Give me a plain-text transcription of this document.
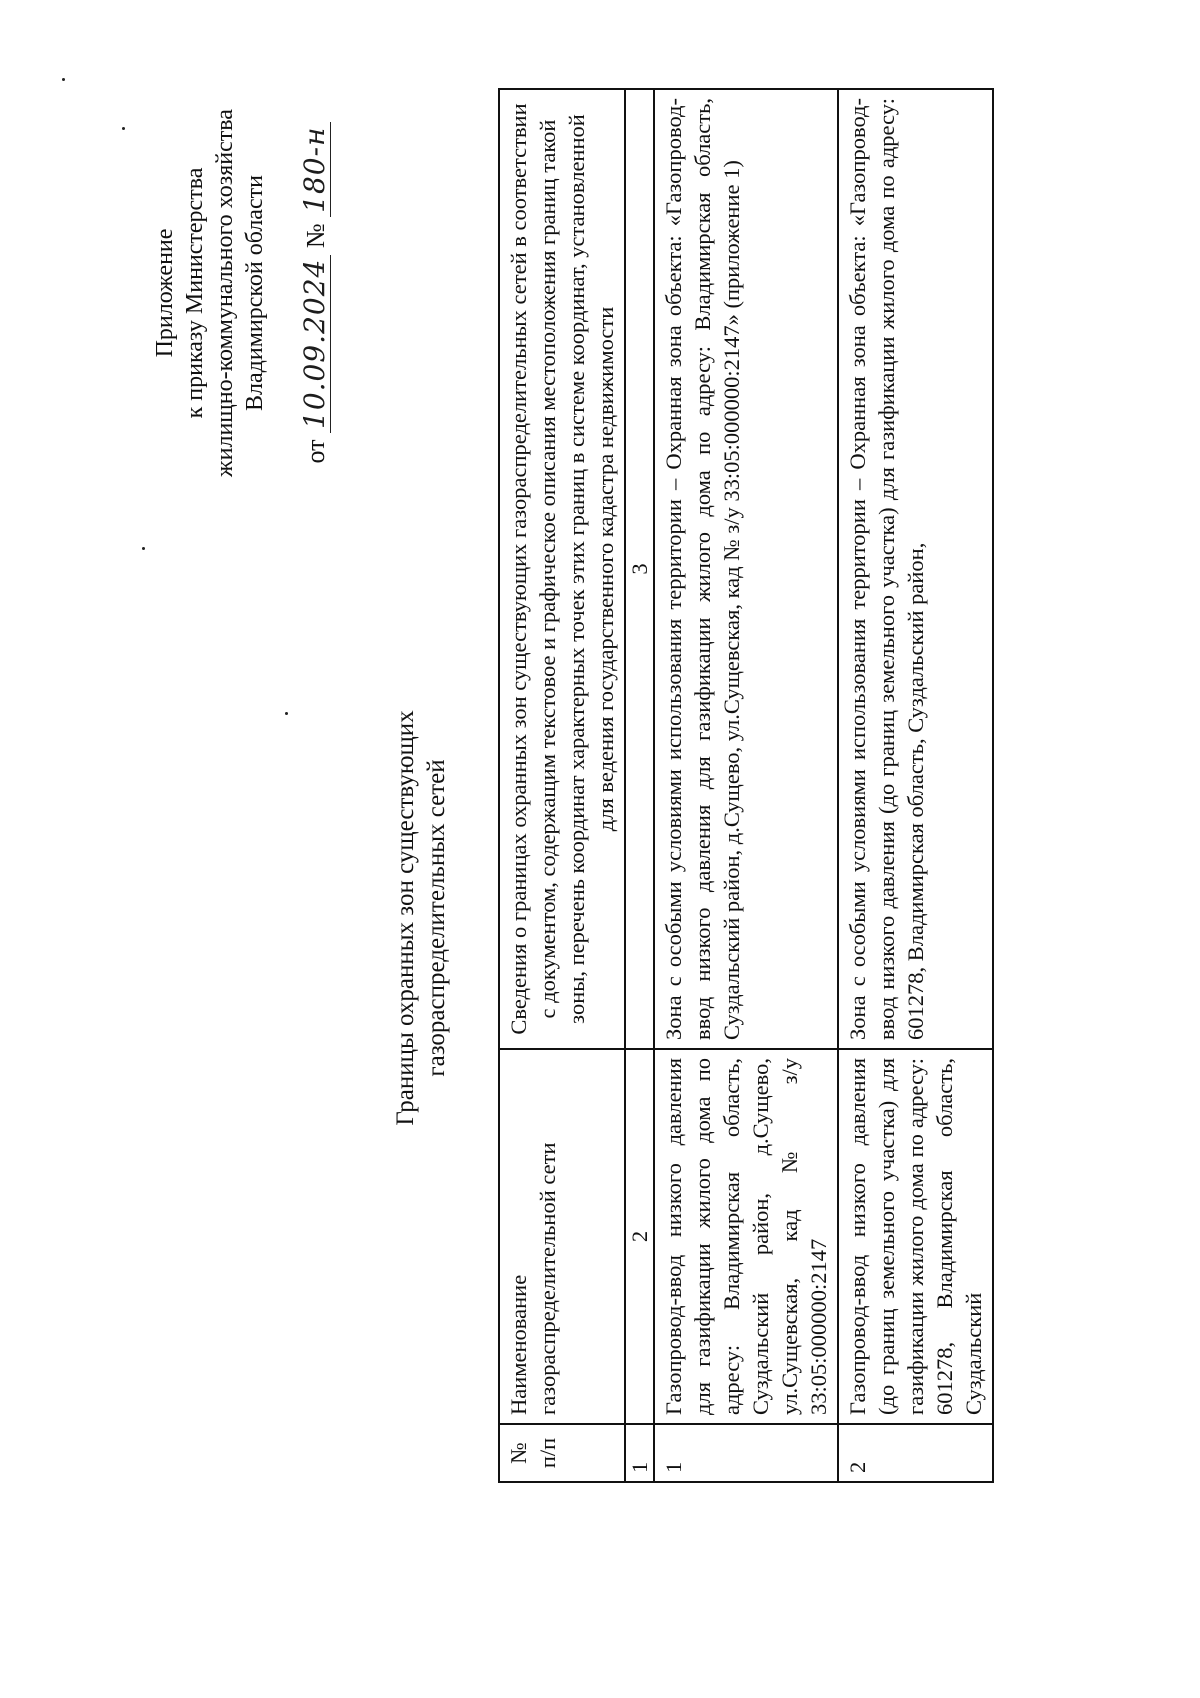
Приложение к приказу Министерства жилищно-коммунального хозяйства Владимирской области
от 10.09.2024 № 180-н
Границы охранных зон существующих газораспределительных сетей
№ п/п	Наименование газораспределительной сети	Сведения о границах охранных зон существующих газораспределительных сетей в соответствии с документом, содержащим текстовое и графическое описания местоположения границ такой зоны, перечень координат характерных точек этих границ в системе координат, установленной для ведения государственного кадастра недвижимости
1	2	3
1	Газопровод-ввод низкого давления для газификации жилого дома по адресу: Владимирская область, Суздальский район, д.Сущево, ул.Сущевская, кад № з/у 33:05:000000:2147	Зона с особыми условиями использования территории – Охранная зона объекта: «Газопровод-ввод низкого давления для газификации жилого дома по адресу: Владимирская область, Суздальский район, д.Сущево, ул.Сущевская, кад № з/у 33:05:000000:2147» (приложение 1)
2	Газопровод-ввод низкого давления (до границ земельного участка) для газификации жилого дома по адресу: 601278, Владимирская область, Суздальский	Зона с особыми условиями использования территории – Охранная зона объекта: «Газопровод-ввод низкого давления (до границ земельного участка) для газификации жилого дома по адресу: 601278, Владимирская область, Суздальский район,
